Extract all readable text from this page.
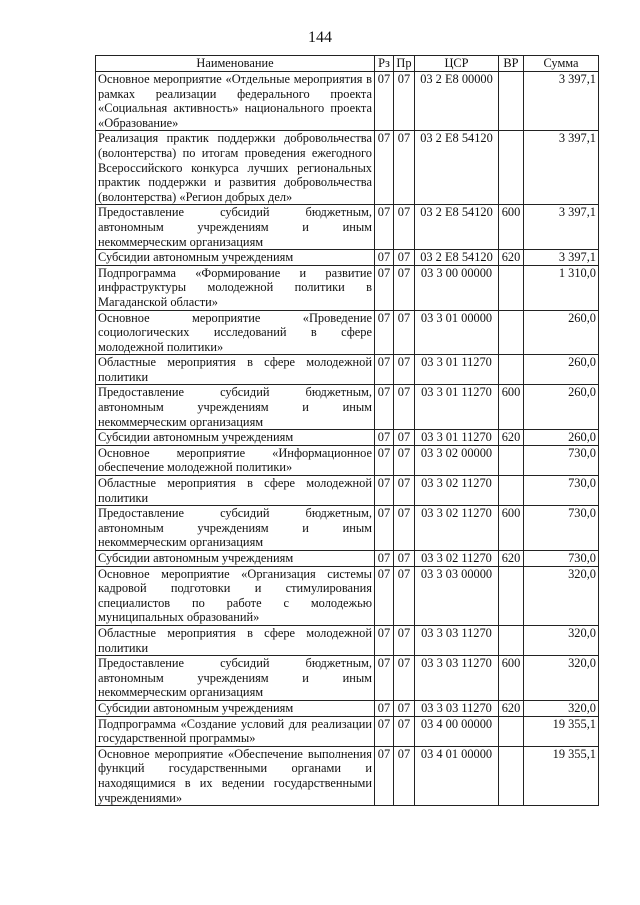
144
Наименование	Рз	Пр	ЦСР	ВР	Сумма
Основное мероприятие «Отдельные мероприятия в рамках реализации федерального проекта «Социальная активность» национального проекта «Образование»	07	07	03 2 E8 00000		3 397,1
Реализация практик поддержки добровольчества (волонтерства) по итогам проведения ежегодного Всероссийского конкурса лучших региональных практик поддержки и развития добровольчества (волонтерства) «Регион добрых дел»	07	07	03 2 E8 54120		3 397,1
Предоставление субсидий бюджетным, автономным учреждениям и иным некоммерческим организациям	07	07	03 2 E8 54120	600	3 397,1
Субсидии автономным учреждениям	07	07	03 2 E8 54120	620	3 397,1
Подпрограмма «Формирование и развитие инфраструктуры молодежной политики в Магаданской области»	07	07	03 3 00 00000		1 310,0
Основное мероприятие «Проведение социологических исследований в сфере молодежной политики»	07	07	03 3 01 00000		260,0
Областные мероприятия в сфере молодежной политики	07	07	03 3 01 11270		260,0
Предоставление субсидий бюджетным, автономным учреждениям и иным некоммерческим организациям	07	07	03 3 01 11270	600	260,0
Субсидии автономным учреждениям	07	07	03 3 01 11270	620	260,0
Основное мероприятие «Информационное обеспечение молодежной политики»	07	07	03 3 02 00000		730,0
Областные мероприятия в сфере молодежной политики	07	07	03 3 02 11270		730,0
Предоставление субсидий бюджетным, автономным учреждениям и иным некоммерческим организациям	07	07	03 3 02 11270	600	730,0
Субсидии автономным учреждениям	07	07	03 3 02 11270	620	730,0
Основное мероприятие «Организация системы кадровой подготовки и стимулирования специалистов по работе с молодежью муниципальных образований»	07	07	03 3 03 00000		320,0
Областные мероприятия в сфере молодежной политики	07	07	03 3 03 11270		320,0
Предоставление субсидий бюджетным, автономным учреждениям и иным некоммерческим организациям	07	07	03 3 03 11270	600	320,0
Субсидии автономным учреждениям	07	07	03 3 03 11270	620	320,0
Подпрограмма «Создание условий для реализации государственной программы»	07	07	03 4 00 00000		19 355,1
Основное мероприятие «Обеспечение выполнения функций государственными органами и находящимися в их ведении государственными учреждениями»	07	07	03 4 01 00000		19 355,1
